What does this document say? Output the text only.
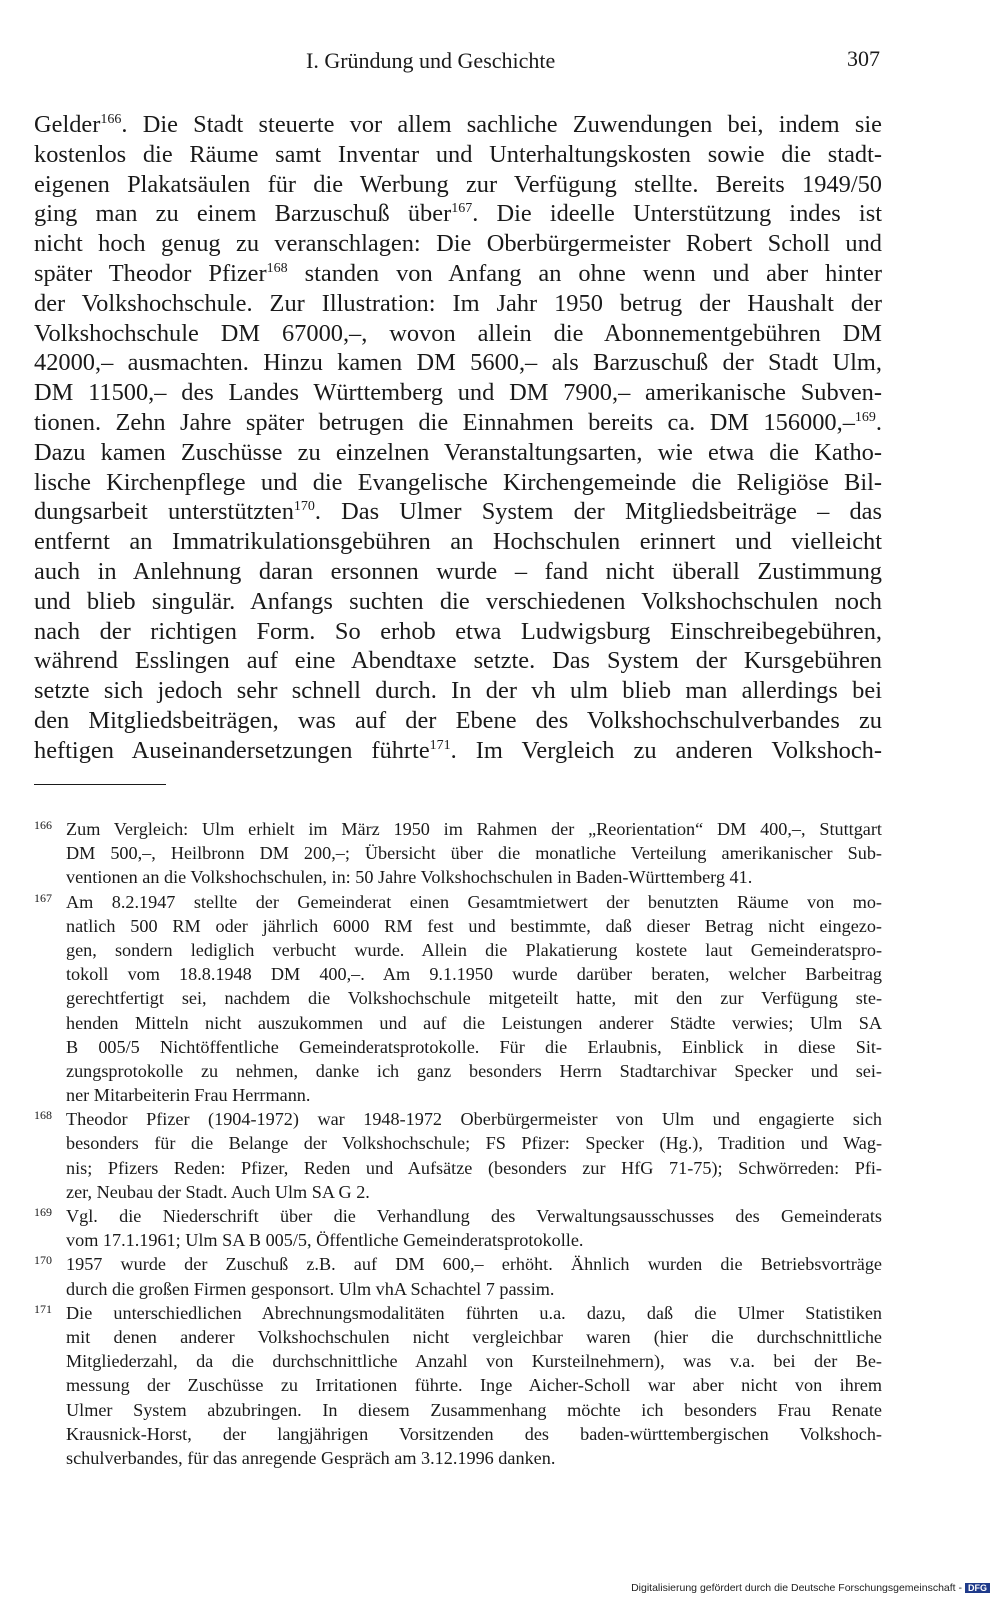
I. Gründung und Geschichte	307
Gelder$^{166}$. Die Stadt steuerte vor allem sachliche Zuwendungen bei, indem sie
kostenlos die Räume samt Inventar und Unterhaltungskosten sowie die stadt-
eigenen Plakatsäulen für die Werbung zur Verfügung stellte. Bereits 1949/50
ging man zu einem Barzuschuß über$^{167}$. Die ideelle Unterstützung indes ist
nicht hoch genug zu veranschlagen: Die Oberbürgermeister Robert Scholl und
später Theodor Pfizer$^{168}$ standen von Anfang an ohne wenn und aber hinter
der Volkshochschule. Zur Illustration: Im Jahr 1950 betrug der Haushalt der
Volkshochschule DM 67000,–, wovon allein die Abonnementgebühren DM
42000,– ausmachten. Hinzu kamen DM 5600,– als Barzuschuß der Stadt Ulm,
DM 11500,– des Landes Württemberg und DM 7900,– amerikanische Subven-
tionen. Zehn Jahre später betrugen die Einnahmen bereits ca. DM 156000,–$^{169}$.
Dazu kamen Zuschüsse zu einzelnen Veranstaltungsarten, wie etwa die Katho-
lische Kirchenpflege und die Evangelische Kirchengemeinde die Religiöse Bil-
dungsarbeit unterstützten$^{170}$. Das Ulmer System der Mitgliedsbeiträge – das
entfernt an Immatrikulationsgebühren an Hochschulen erinnert und vielleicht
auch in Anlehnung daran ersonnen wurde – fand nicht überall Zustimmung
und blieb singulär. Anfangs suchten die verschiedenen Volkshochschulen noch
nach der richtigen Form. So erhob etwa Ludwigsburg Einschreibegebühren,
während Esslingen auf eine Abendtaxe setzte. Das System der Kursgebühren
setzte sich jedoch sehr schnell durch. In der vh ulm blieb man allerdings bei
den Mitgliedsbeiträgen, was auf der Ebene des Volkshochschulverbandes zu
heftigen Auseinandersetzungen führte$^{171}$. Im Vergleich zu anderen Volkshoch-
166 Zum Vergleich: Ulm erhielt im März 1950 im Rahmen der „Reorientation“ DM 400,–, Stuttgart
DM 500,–, Heilbronn DM 200,–; Übersicht über die monatliche Verteilung amerikanischer Sub-
ventionen an die Volkshochschulen, in: 50 Jahre Volkshochschulen in Baden-Württemberg 41.
167 Am 8.2.1947 stellte der Gemeinderat einen Gesamtmietwert der benutzten Räume von mo-
natlich 500 RM oder jährlich 6000 RM fest und bestimmte, daß dieser Betrag nicht eingezo-
gen, sondern lediglich verbucht wurde. Allein die Plakatierung kostete laut Gemeinderatspro-
tokoll vom 18.8.1948 DM 400,–. Am 9.1.1950 wurde darüber beraten, welcher Barbeitrag
gerechtfertigt sei, nachdem die Volkshochschule mitgeteilt hatte, mit den zur Verfügung ste-
henden Mitteln nicht auszukommen und auf die Leistungen anderer Städte verwies; Ulm SA
B 005/5 Nichtöffentliche Gemeinderatsprotokolle. Für die Erlaubnis, Einblick in diese Sit-
zungsprotokolle zu nehmen, danke ich ganz besonders Herrn Stadtarchivar Specker und sei-
ner Mitarbeiterin Frau Herrmann.
168 Theodor Pfizer (1904-1972) war 1948-1972 Oberbürgermeister von Ulm und engagierte sich
besonders für die Belange der Volkshochschule; FS Pfizer: Specker (Hg.), Tradition und Wag-
nis; Pfizers Reden: Pfizer, Reden und Aufsätze (besonders zur HfG 71-75); Schwörreden: Pfi-
zer, Neubau der Stadt. Auch Ulm SA G 2.
169 Vgl. die Niederschrift über die Verhandlung des Verwaltungsausschusses des Gemeinderats
vom 17.1.1961; Ulm SA B 005/5, Öffentliche Gemeinderatsprotokolle.
170 1957 wurde der Zuschuß z.B. auf DM 600,– erhöht. Ähnlich wurden die Betriebsvorträge
durch die großen Firmen gesponsort. Ulm vhA Schachtel 7 passim.
171 Die unterschiedlichen Abrechnungsmodalitäten führten u.a. dazu, daß die Ulmer Statistiken
mit denen anderer Volkshochschulen nicht vergleichbar waren (hier die durchschnittliche
Mitgliederzahl, da die durchschnittliche Anzahl von Kursteilnehmern), was v.a. bei der Be-
messung der Zuschüsse zu Irritationen führte. Inge Aicher-Scholl war aber nicht von ihrem
Ulmer System abzubringen. In diesem Zusammenhang möchte ich besonders Frau Renate
Krausnick-Horst, der langjährigen Vorsitzenden des baden-württembergischen Volkshoch-
schulverbandes, für das anregende Gespräch am 3.12.1996 danken.
Digitalisierung gefördert durch die Deutsche Forschungsgemeinschaft - DFG
